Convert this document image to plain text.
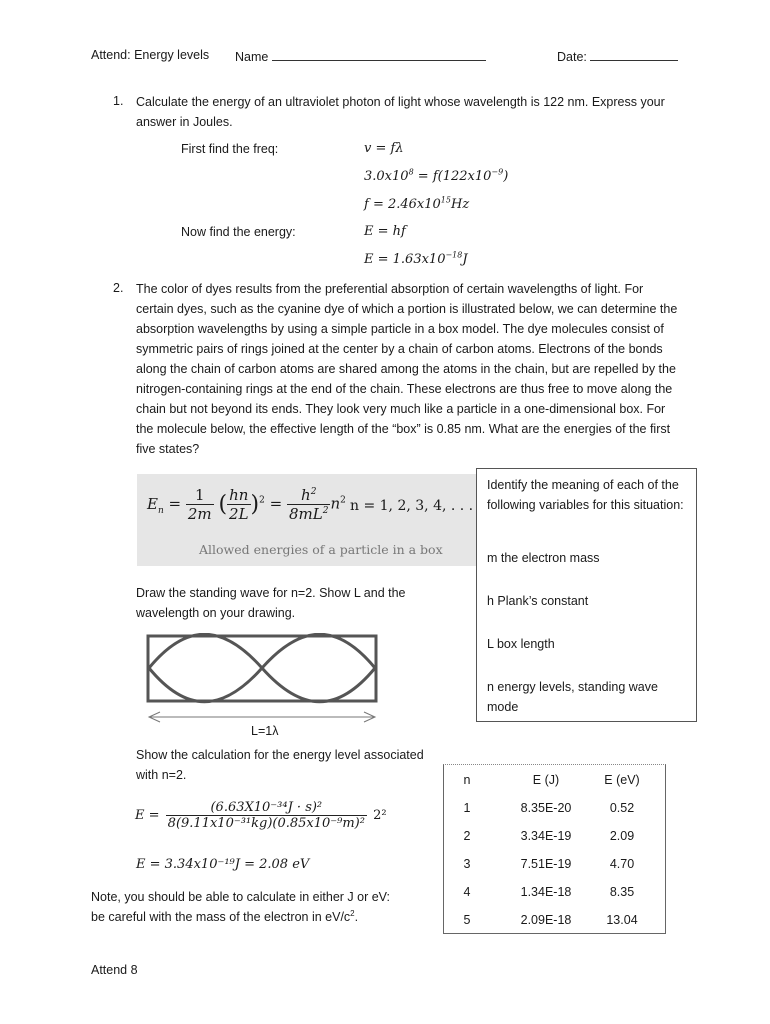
Attend: Energy levels Name	Date:
1. Calculate the energy of an ultraviolet photon of light whose wavelength is 122 nm. Express your answer in Joules.
First find the freq:	v = fλ
$3.0x10^8 = f(122x10^{-9})$
$f = 2.46x10^{15}Hz$
Now find the energy:	E = hf
$E = 1.63x10^{-18}J$
2. The color of dyes results from the preferential absorption of certain wavelengths of light. For certain dyes, such as the cyanine dye of which a portion is illustrated below, we can determine the absorption wavelengths by using a simple particle in a box model. The dye molecules consist of symmetric pairs of rings joined at the center by a chain of carbon atoms. Electrons of the bonds along the chain of carbon atoms are shared among the atoms in the chain, but are repelled by the nitrogen-containing rings at the end of the chain. These electrons are thus free to move along the chain but not beyond its ends. They look very much like a particle in a one-dimensional box. For the molecule below, the effective length of the “box” is 0.85 nm. What are the energies of the first five states?
$E_n = \frac{1}{2m}$ ( $\frac{hn}{2L} )^2 = \frac{h^2}{8mL^2} n^2$ n = 1, 2, 3, 4, . . .
Allowed energies of a particle in a box
Identify the meaning of each of the following variables for this situation:
m the electron mass
h Plank’s constant
L box length
n energy levels, standing wave mode
Draw the standing wave for n=2. Show L and the wavelength on your drawing.
L=1λ
Show the calculation for the energy level associated with n=2.
$E = \frac{\text{(6.63X10⁻³⁴J · s)²}}{\text{8(9.11x10⁻³¹kg)(0.85x10⁻⁹m)²}} 2^2$
E = 3.34x10⁻¹⁹J = 2.08 eV
Note, you should be able to calculate in either J or eV:
be careful with the mass of the electron in $eV/c^2$.
n	E (J)	E (eV)
1	8.35E-20	0.52
2	3.34E-19	2.09
3	7.51E-19	4.70
4	1.34E-18	8.35
5	2.09E-18	13.04
Attend 8
